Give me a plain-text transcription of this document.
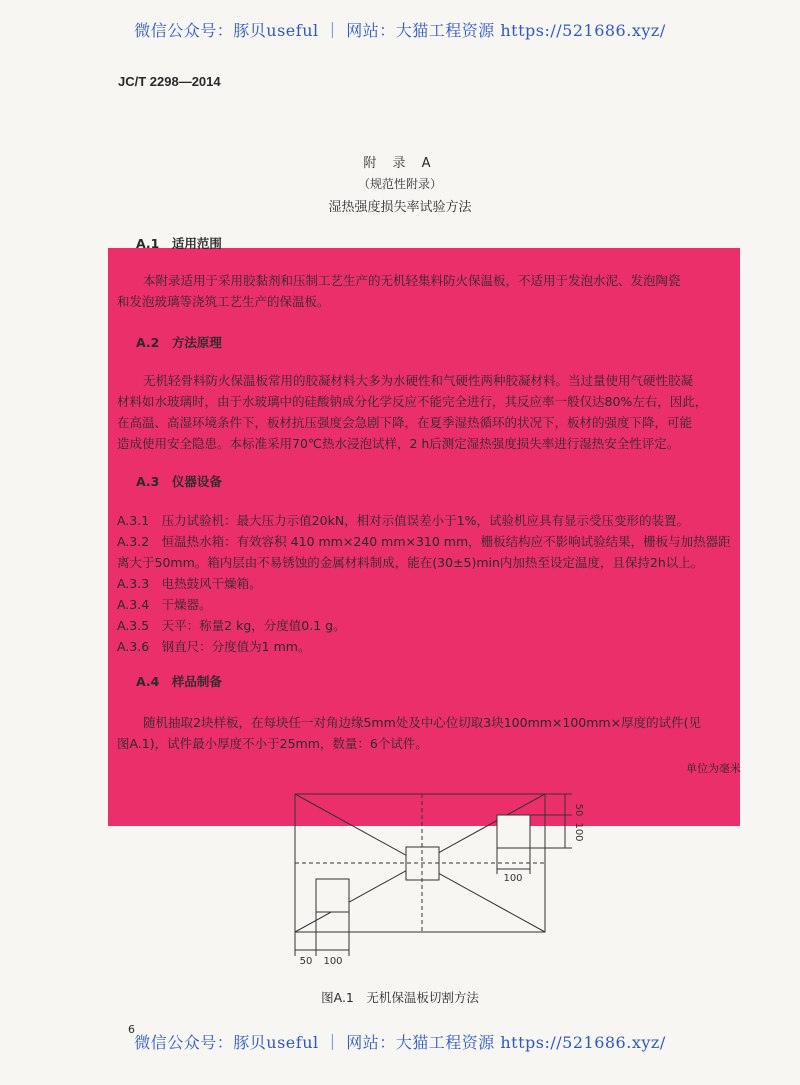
微信公众号：豚贝useful ｜ 网站：大猫工程资源 https://521686.xyz/
JC/T 2298—2014
附 录 A
（规范性附录）
湿热强度损失率试验方法
A.1　适用范围
本附录适用于采用胶黏剂和压制工艺生产的无机轻集料防火保温板，不适用于发泡水泥、发泡陶瓷
和发泡玻璃等浇筑工艺生产的保温板。
A.2　方法原理
无机轻骨料防火保温板常用的胶凝材料大多为水硬性和气硬性两种胶凝材料。当过量使用气硬性胶凝
材料如水玻璃时，由于水玻璃中的硅酸钠成分化学反应不能完全进行，其反应率一般仅达80%左右，因此，
在高温、高湿环境条件下，板材抗压强度会急剧下降，在夏季湿热循环的状况下，板材的强度下降，可能
造成使用安全隐患。本标准采用70℃热水浸泡试样，2 h后测定湿热强度损失率进行湿热安全性评定。
A.3　仪器设备
A.3.1　压力试验机：最大压力示值20kN，相对示值误差小于1%，试验机应具有显示受压变形的装置。
A.3.2　恒温热水箱：有效容积 410 mm×240 mm×310 mm，栅板结构应不影响试验结果，栅板与加热器距
离大于50mm。箱内层由不易锈蚀的金属材料制成，能在(30±5)min内加热至设定温度，且保持2h以上。
A.3.3　电热鼓风干燥箱。
A.3.4　干燥器。
A.3.5　天平：称量2 kg，分度值0.1 g。
A.3.6　钢直尺：分度值为1 mm。
A.4　样品制备
随机抽取2块样板，在每块任一对角边缘5mm处及中心位切取3块100mm×100mm×厚度的试件(见
图A.1)，试件最小厚度不小于25mm，数量：6个试件。
单位为毫米
50
100
100
50 100
图A.1　无机保温板切割方法
6
微信公众号：豚贝useful ｜ 网站：大猫工程资源 https://521686.xyz/
